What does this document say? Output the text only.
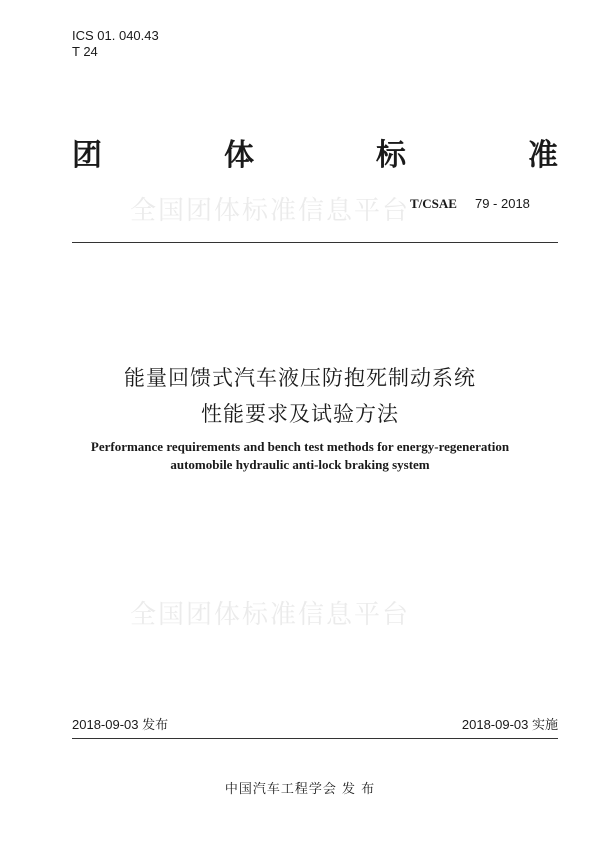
ICS 01. 040.43
T 24
团	体	标	准
全国团体标准信息平台 T/CSAE 79 - 2018
能量回馈式汽车液压防抱死制动系统
性能要求及试验方法
Performance requirements and bench test methods for energy-regeneration
automobile hydraulic anti-lock braking system
全国团体标准信息平台
2018-09-03 发布	2018-09-03 实施
中国汽车工程学会 发 布
